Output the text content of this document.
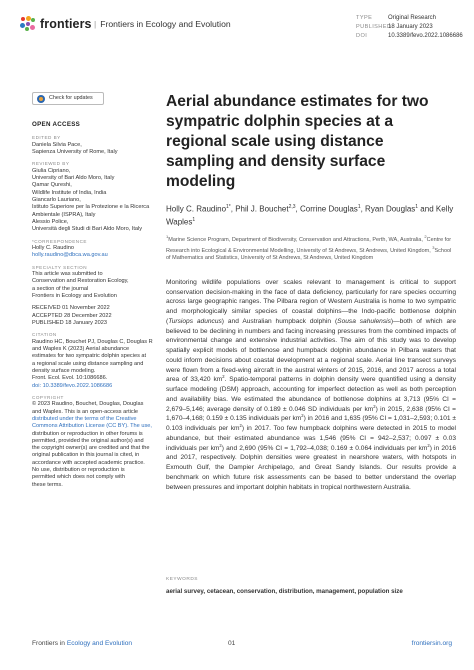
frontiers | Frontiers in Ecology and Evolution
TYPE	Original Research
PUBLISHED
18 January 2023
DOI	10.3389/fevo.2022.1086686
Check for updates
OPEN ACCESS
EDITED BY
Daniela Silvia Pace,
Sapienza University of Rome, Italy
REVIEWED BY
Giulia Cipriano,
University of Bari Aldo Moro, Italy
Qamar Qureshi,
Wildlife Institute of India, India
Giancarlo Lauriano,
Istituto Superiore per la Protezione e la Ricerca
Ambientale (ISPRA), Italy
Alessio Police,
Università degli Studi di Bari Aldo Moro, Italy
*CORRESPONDENCE
Holly C. Raudino
holly.raudino@dbca.wa.gov.au
SPECIALTY SECTION
This article was submitted to
Conservation and Restoration Ecology,
a section of the journal
Frontiers in Ecology and Evolution
RECEIVED 01 November 2022
ACCEPTED 28 December 2022
PUBLISHED 18 January 2023
CITATION
Raudino HC, Bouchet PJ, Douglas C, Douglas R
and Waples K (2023) Aerial abundance
estimates for two sympatric dolphin species at
a regional scale using distance sampling and
density surface modeling.
Front. Ecol. Evol. 10:1086686.
doi: 10.3389/fevo.2022.1086686
COPYRIGHT
© 2023 Raudino, Bouchet, Douglas, Douglas
and Waples. This is an open-access article
distributed under the terms of the Creative
Commons Attribution License (CC BY). The use,
distribution or reproduction in other forums is
permitted, provided the original author(s) and
the copyright owner(s) are credited and that the
original publication in this journal is cited, in
accordance with accepted academic practice.
No use, distribution or reproduction is
permitted which does not comply with
these terms.
Aerial abundance estimates for two sympatric dolphin species at a regional scale using distance sampling and density surface modeling
Holly C. Raudino$^{1*}$, Phil J. Bouchet$^{2,3}$, Corrine Douglas$^1$, Ryan Douglas$^1$ and Kelly Waples$^1$
$^1$Marine Science Program, Department of Biodiversity, Conservation and Attractions, Perth, WA, Australia, $^2$Centre for Research into Ecological & Environmental Modelling, University of St Andrews, St Andrews, United Kingdom, $^3$School of Mathematics and Statistics, University of St Andrews, St Andrews, United Kingdom
Monitoring wildlife populations over scales relevant to management is critical to support conservation decision-making in the face of data deficiency, particularly for rare species occurring across large geographic ranges. The Pilbara region of Western Australia is home to two sympatric and morphologically similar species of coastal dolphins—the Indo-pacific bottlenose dolphin (Tursiops aduncus) and Australian humpback dolphin (Sousa sahulensis)—both of which are believed to be declining in numbers and facing increasing pressures from the combined impacts of environmental change and extensive industrial activities. The aim of this study was to develop spatially explicit models of bottlenose and humpback dolphin abundance in Pilbara waters that could inform decisions about coastal development at a regional scale. Aerial line transect surveys were flown from a fixed-wing aircraft in the austral winters of 2015, 2016, and 2017 across a total area of 33,420 $km^2$. Spatio-temporal patterns in dolphin density were quantified using a density surface modeling (DSM) approach, accounting for imperfect detection as well as both perception and availability bias. We estimated the abundance of bottlenose dolphins at 3,713 (95% CI = 2,679–5,146; average density of 0.189 ± 0.046 SD individuals per $km^2$) in 2015, 2,638 (95% CI = 1,670–4,168; 0.159 ± 0.135 individuals per $km^2$) in 2016 and 1,635 (95% CI = 1,031–2,593; 0.101 ± 0.103 individuals per $km^2$) in 2017. Too few humpback dolphins were detected in 2015 to model abundance, but their estimated abundance was 1,546 (95% CI = 942–2,537; 0.097 ± 0.03 individuals per $km^2$) and 2,690 (95% CI = 1,792–4,038; 0.169 ± 0.064 individuals per $km^2$) in 2016 and 2017, respectively. Dolphin densities were greatest in nearshore waters, with hotspots in Exmouth Gulf, the Dampier Archipelago, and Great Sandy Islands. Our results provide a benchmark on which future risk assessments can be based to better understand the overlap between pressures and important dolphin habitats in tropical northwestern Australia.
KEYWORDS
aerial survey, cetacean, conservation, distribution, management, population size
Frontiers in Ecology and Evolution	01	frontiersin.org
